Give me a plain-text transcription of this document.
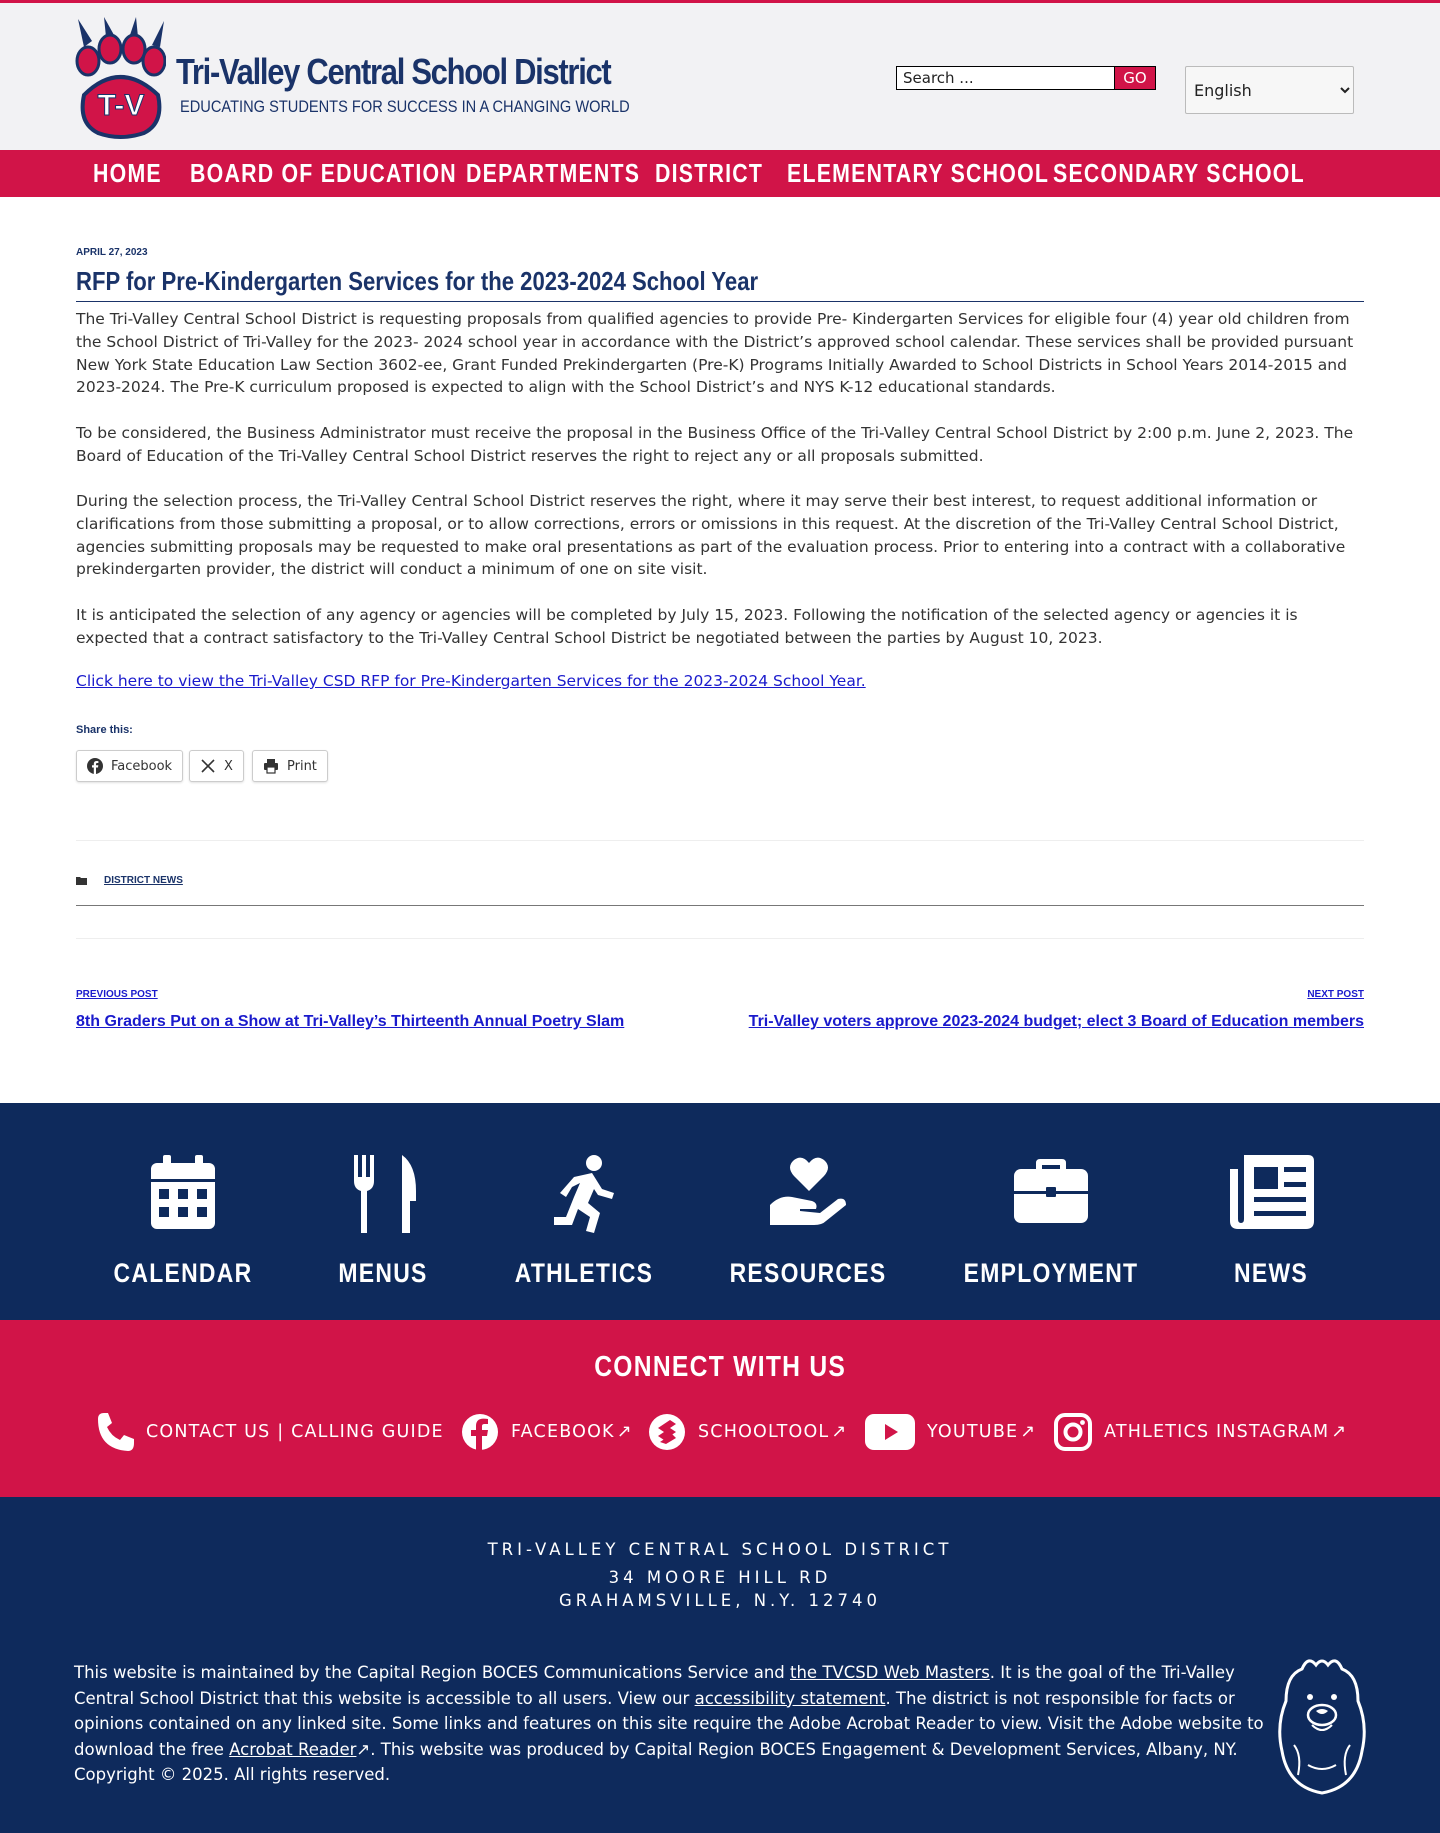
T-V
Tri-Valley Central School District
EDUCATING STUDENTS FOR SUCCESS IN A CHANGING WORLD
Search ...
GO
English
HOME BOARD OF EDUCATION DEPARTMENTS DISTRICT ELEMENTARY SCHOOL SECONDARY SCHOOL
APRIL 27, 2023
RFP for Pre-Kindergarten Services for the 2023-2024 School Year

The Tri-Valley Central School District is requesting proposals from qualified agencies to provide Pre- Kindergarten Services for eligible four (4) year old children from the School District of Tri-Valley for the 2023- 2024 school year in accordance with the District’s approved school calendar. These services shall be provided pursuant New York State Education Law Section 3602-ee, Grant Funded Prekindergarten (Pre-K) Programs Initially Awarded to School Districts in School Years 2014-2015 and 2023-2024. The Pre-K curriculum proposed is expected to align with the School District’s and NYS K-12 educational standards.

To be considered, the Business Administrator must receive the proposal in the Business Office of the Tri-Valley Central School District by 2:00 p.m. June 2, 2023. The Board of Education of the Tri-Valley Central School District reserves the right to reject any or all proposals submitted.

During the selection process, the Tri-Valley Central School District reserves the right, where it may serve their best interest, to request additional information or clarifications from those submitting a proposal, or to allow corrections, errors or omissions in this request. At the discretion of the Tri-Valley Central School District, agencies submitting proposals may be requested to make oral presentations as part of the evaluation process. Prior to entering into a contract with a collaborative prekindergarten provider, the district will conduct a minimum of one on site visit.

It is anticipated the selection of any agency or agencies will be completed by July 15, 2023. Following the notification of the selected agency or agencies it is expected that a contract satisfactory to the Tri-Valley Central School District be negotiated between the parties by August 10, 2023.

Click here to view the Tri-Valley CSD RFP for Pre-Kindergarten Services for the 2023-2024 School Year.
Share this:
Facebook	X	Print
DISTRICT NEWS
PREVIOUS POST
8th Graders Put on a Show at Tri-Valley’s Thirteenth Annual Poetry Slam
NEXT POST
Tri-Valley voters approve 2023-2024 budget; elect 3 Board of Education members
CALENDAR	MENUS	ATHLETICS	RESOURCES	EMPLOYMENT	NEWS
CONNECT WITH US
CONTACT US | CALLING GUIDE	FACEBOOK ↗	SCHOOLTOOL ↗	YOUTUBE ↗	ATHLETICS INSTAGRAM ↗
TRI-VALLEY CENTRAL SCHOOL DISTRICT
34 MOORE HILL RD
GRAHAMSVILLE, N.Y. 12740

This website is maintained by the Capital Region BOCES Communications Service and the TVCSD Web Masters. It is the goal of the Tri-Valley Central School District that this website is accessible to all users. View our accessibility statement. The district is not responsible for facts or opinions contained on any linked site. Some links and features on this site require the Adobe Acrobat Reader to view. Visit the Adobe website to download the free Acrobat Reader↗. This website was produced by Capital Region BOCES Engagement & Development Services, Albany, NY. Copyright © 2025. All rights reserved.
